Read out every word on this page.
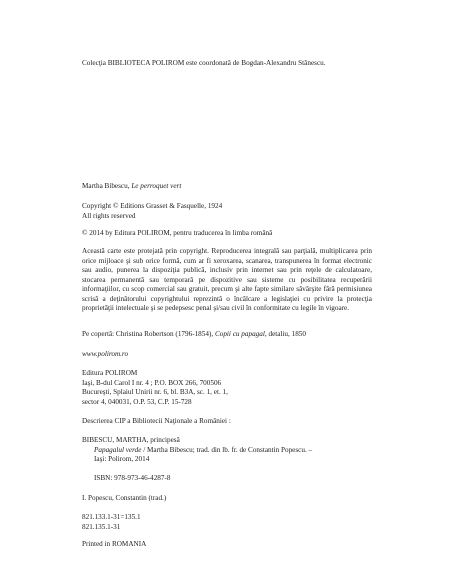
Colecţia BIBLIOTECA POLIROM este coordonată de Bogdan-Alexandru Stănescu.

Martha Bibescu, Le perroquet vert

Copyright © Editions Grasset & Fasquelle, 1924

All rights reserved

© 2014 by Editura POLIROM, pentru traducerea în limba română

Această carte este protejată prin copyright. Reproducerea integrală sau parţială, multiplicarea prin orice mijloace şi sub orice formă, cum ar fi xeroxarea, scanarea, transpunerea în format electronic sau audio, punerea la dispoziţia publică, inclusiv prin internet sau prin reţele de calculatoare, stocarea permanentă sau temporară pe dispozitive sau sisteme cu posibilitatea recuperării informaţiilor, cu scop comercial sau gratuit, precum şi alte fapte similare săvârşite fără permisiunea scrisă a deţinătorului copyrightului reprezintă o încălcare a legislaţiei cu privire la protecţia proprietăţii intelectuale şi se pedepsesc penal şi/sau civil în conformitate cu legile în vigoare.

Pe copertă: Christina Robertson (1796-1854), Copii cu papagal, detaliu, 1850

www.polirom.ro

Editura POLIROM

Iaşi, B-dul Carol I nr. 4 ; P.O. BOX 266, 700506

Bucureşti, Splaiul Unirii nr. 6, bl. B3A, sc. 1, et. 1,

sector 4, 040031, O.P. 53, C.P. 15-728

Descrierea CIP a Bibliotecii Naţionale a României :

BIBESCU, MARTHA, principesă

Papagalul verde / Martha Bibescu; trad. din lb. fr. de Constantin Popescu. –

Iaşi: Polirom, 2014

ISBN: 978-973-46-4287-8

I. Popescu, Constantin (trad.)

821.133.1-31=135.1

821.135.1-31

Printed in ROMANIA
